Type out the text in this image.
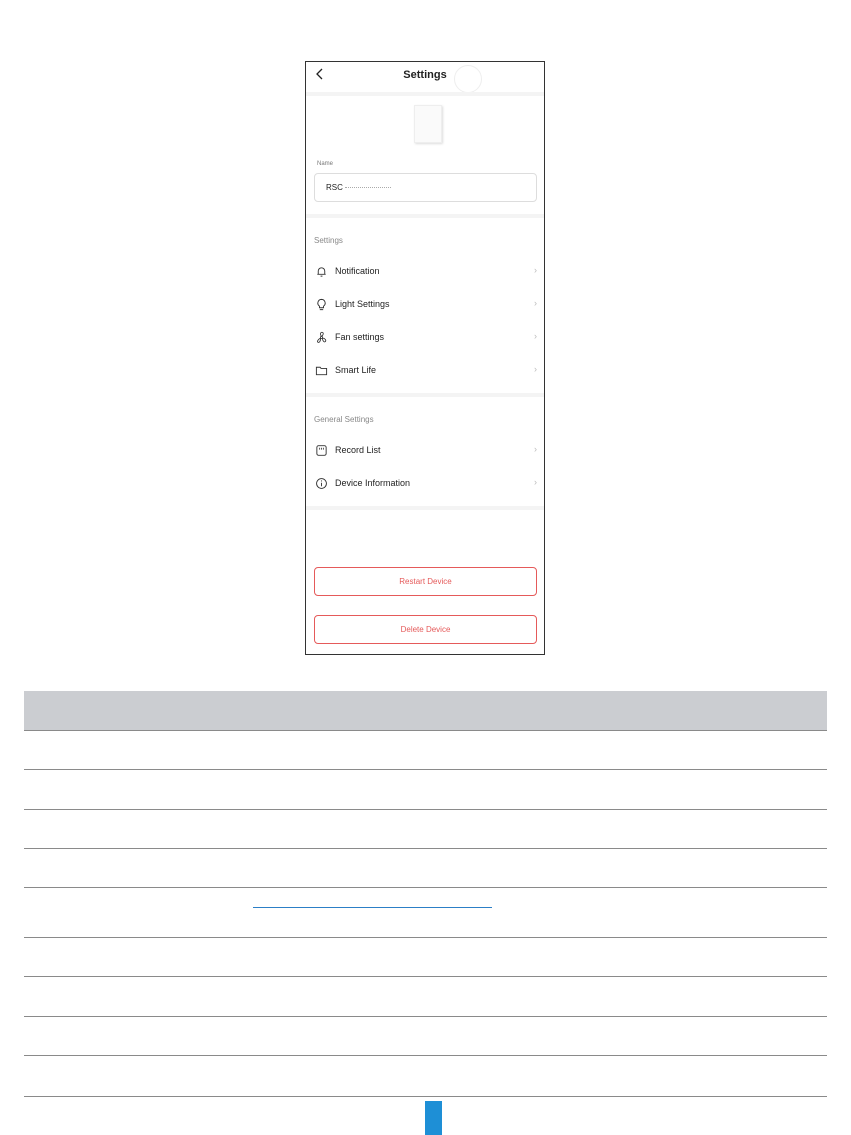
Settings
Name
RSC
Settings
Notification	›
Light Settings	›
Fan settings	›
Smart Life	›
General Settings
Record List	›
Device Information	›
Restart Device
Delete Device
